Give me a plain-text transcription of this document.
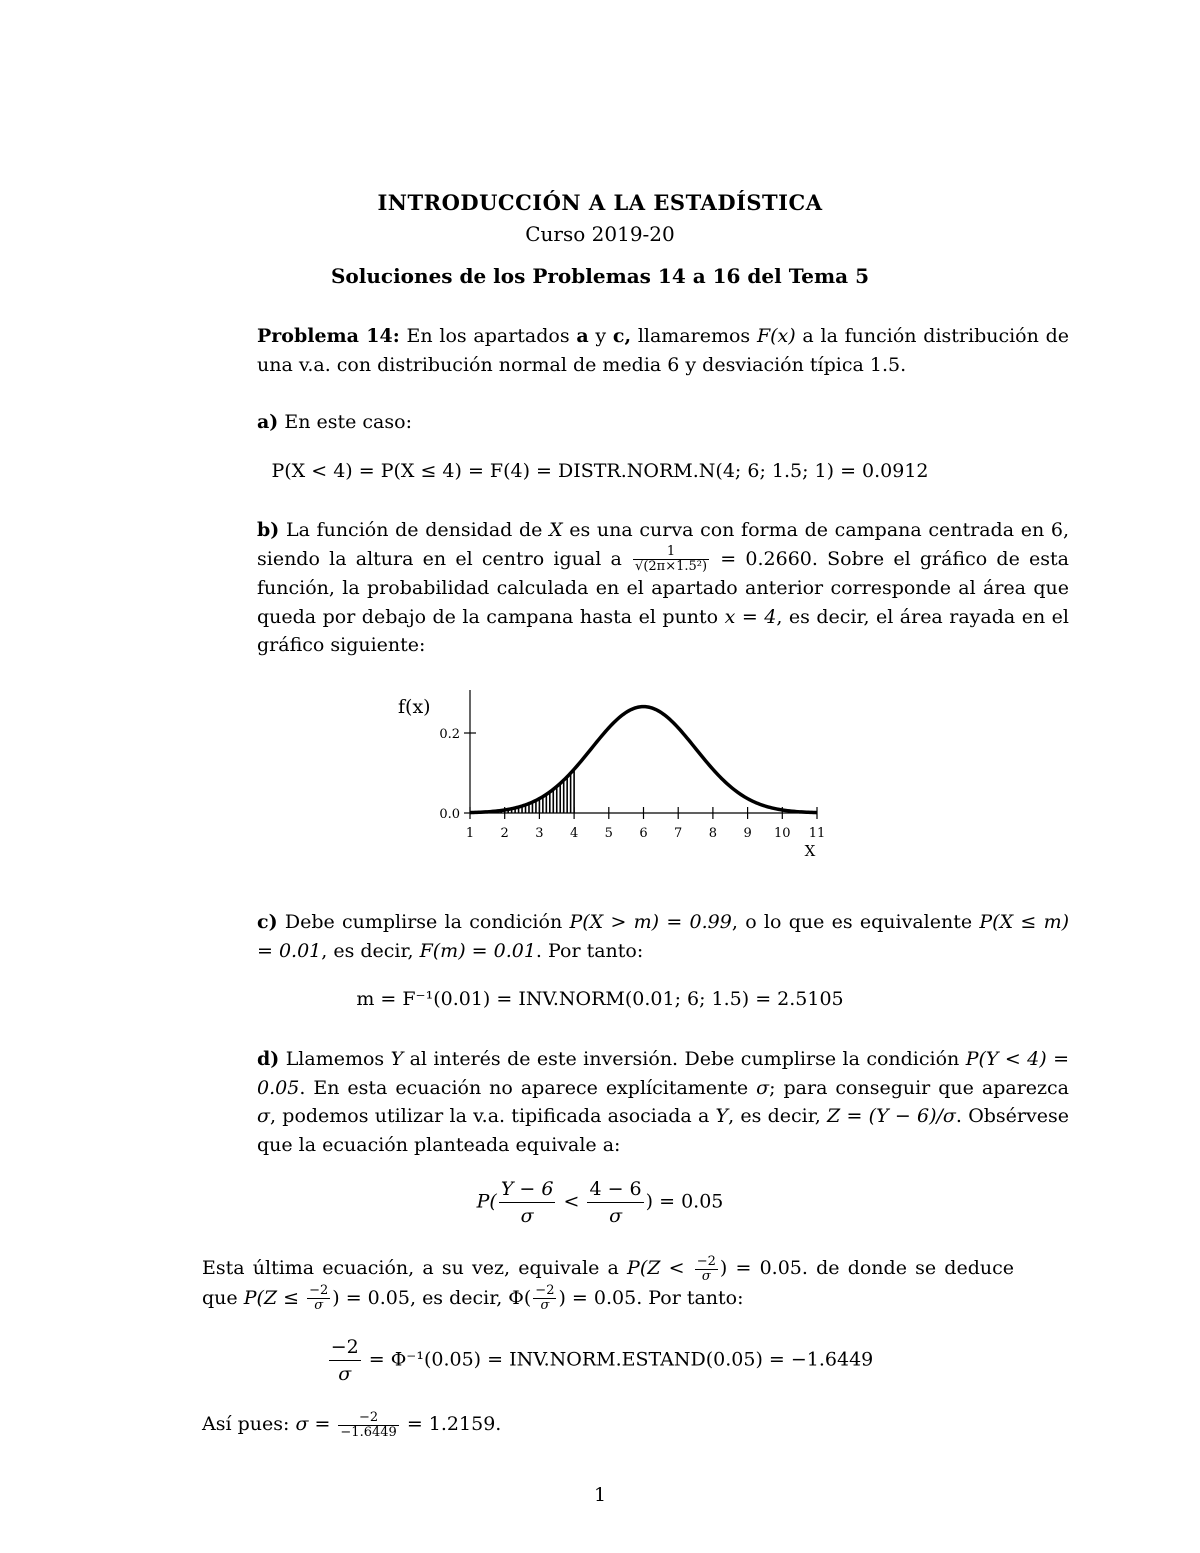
INTRODUCCIÓN A LA ESTADÍSTICA
Curso 2019-20
Soluciones de los Problemas 14 a 16 del Tema 5
Problema 14: En los apartados a y c, llamaremos F(x) a la función distribución de una v.a. con distribución normal de media 6 y desviación típica 1.5.
a) En este caso:
P(X < 4) = P(X ≤ 4) = F(4) = DISTR.NORM.N(4; 6; 1.5; 1) = 0.0912
b) La función de densidad de X es una curva con forma de campana centrada en 6, siendo la altura en el centro igual a $\frac{1}{\text{√(2π×1.5²)}} = 0.2660$. Sobre el gráfico de esta función, la probabilidad calculada en el apartado anterior corresponde al área que queda por debajo de la campana hasta el punto x = 4, es decir, el área rayada en el gráfico siguiente:
1 2 3 4 5 6 7 8 9 10 11
0.0
0.2
f(x)
X
c) Debe cumplirse la condición P(X > m) = 0.99, o lo que es equivalente P(X ≤ m) = 0.01, es decir, F(m) = 0.01. Por tanto:
m = F⁻¹(0.01) = INV.NORM(0.01; 6; 1.5) = 2.5105
d) Llamemos Y al interés de este inversión. Debe cumplirse la condición P(Y < 4) = 0.05. En esta ecuación no aparece explícitamente σ; para conseguir que aparezca σ, podemos utilizar la v.a. tipificada asociada a Y, es decir, Z = (Y − 6)/σ. Obsérvese que la ecuación planteada equivale a:
$P( \frac{Y - 6}{\sigma} < \frac{4 - 6}{\sigma}$ ) = 0.05
Esta última ecuación, a su vez, equivale a $P(Z < \frac{-2}{\sigma}$ ) = 0.05. de donde se deduce que $P(Z \le \frac{-2}{\sigma}$ ) = 0.05, es decir, $\Phi( \frac{-2}{\sigma}$ ) = 0.05. Por tanto:
$\frac{-2}{\sigma} = \Phi^{-1}(0.05)$ = INV.NORM.ESTAND(0.05) = −1.6449
Así pues: $\sigma = \frac{-2}{-1.6449} = 1.2159$.
1
